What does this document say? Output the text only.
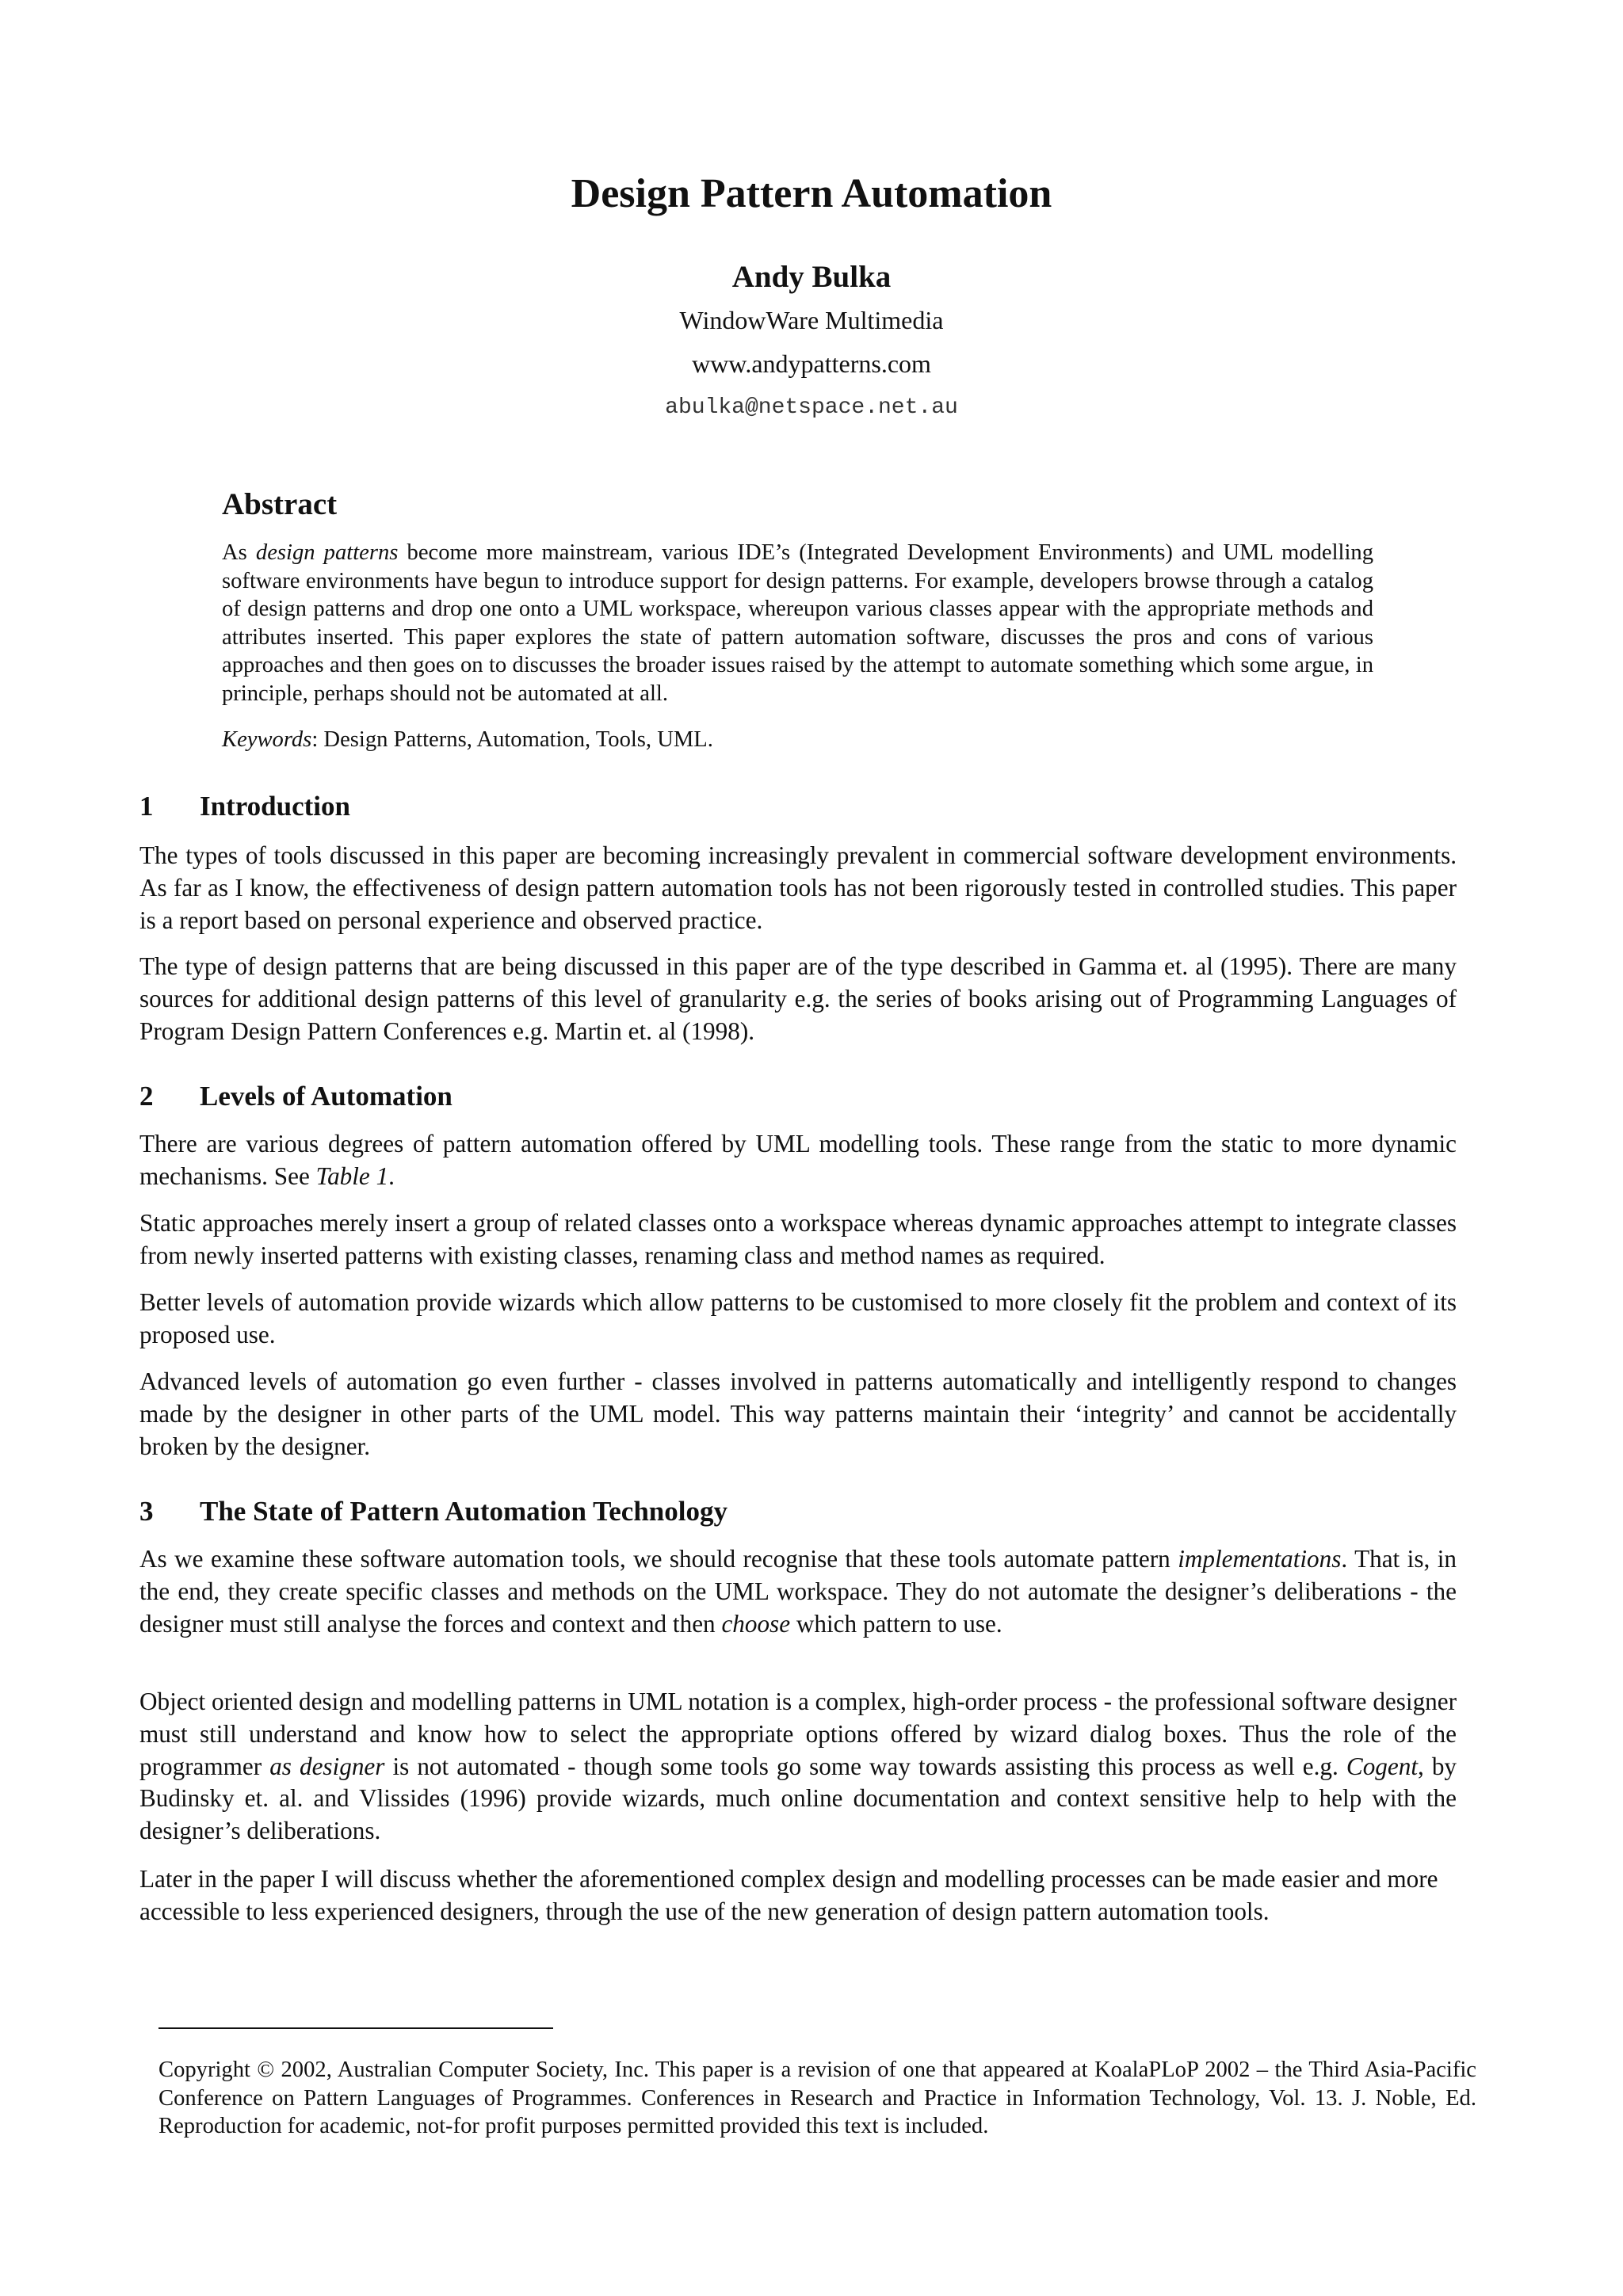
Design Pattern Automation
Andy Bulka
WindowWare Multimedia
www.andypatterns.com
abulka@netspace.net.au
Abstract

As design patterns become more mainstream, various IDE’s (Integrated Development Environments) and UML modelling software environments have begun to introduce support for design patterns. For example, developers browse through a catalog of design patterns and drop one onto a UML workspace, whereupon various classes appear with the appropriate methods and attributes inserted. This paper explores the state of pattern automation software, discusses the pros and cons of various approaches and then goes on to discusses the broader issues raised by the attempt to automate something which some argue, in principle, perhaps should not be automated at all.

Keywords: Design Patterns, Automation, Tools, UML.

1 Introduction

The types of tools discussed in this paper are becoming increasingly prevalent in commercial software development environments. As far as I know, the effectiveness of design pattern automation tools has not been rigorously tested in controlled studies. This paper is a report based on personal experience and observed practice.

The type of design patterns that are being discussed in this paper are of the type described in Gamma et. al (1995). There are many sources for additional design patterns of this level of granularity e.g. the series of books arising out of Programming Languages of Program Design Pattern Conferences e.g. Martin et. al (1998).

2 Levels of Automation

There are various degrees of pattern automation offered by UML modelling tools. These range from the static to more dynamic mechanisms. See Table 1.

Static approaches merely insert a group of related classes onto a workspace whereas dynamic approaches attempt to integrate classes from newly inserted patterns with existing classes, renaming class and method names as required.

Better levels of automation provide wizards which allow patterns to be customised to more closely fit the problem and context of its proposed use.

Advanced levels of automation go even further - classes involved in patterns automatically and intelligently respond to changes made by the designer in other parts of the UML model. This way patterns maintain their ‘integrity’ and cannot be accidentally broken by the designer.

3 The State of Pattern Automation Technology

As we examine these software automation tools, we should recognise that these tools automate pattern implementations. That is, in the end, they create specific classes and methods on the UML workspace. They do not automate the designer’s deliberations - the designer must still analyse the forces and context and then choose which pattern to use.

Object oriented design and modelling patterns in UML notation is a complex, high-order process - the professional software designer must still understand and know how to select the appropriate options offered by wizard dialog boxes. Thus the role of the programmer as designer is not automated - though some tools go some way towards assisting this process as well e.g. Cogent, by Budinsky et. al. and Vlissides (1996) provide wizards, much online documentation and context sensitive help to help with the designer’s deliberations.

Later in the paper I will discuss whether the aforementioned complex design and modelling processes can be made easier and more accessible to less experienced designers, through the use of the new generation of design pattern automation tools.

Copyright © 2002, Australian Computer Society, Inc. This paper is a revision of one that appeared at KoalaPLoP 2002 – the Third Asia-Pacific Conference on Pattern Languages of Programmes. Conferences in Research and Practice in Information Technology, Vol. 13. J. Noble, Ed. Reproduction for academic, not-for profit purposes permitted provided this text is included.
